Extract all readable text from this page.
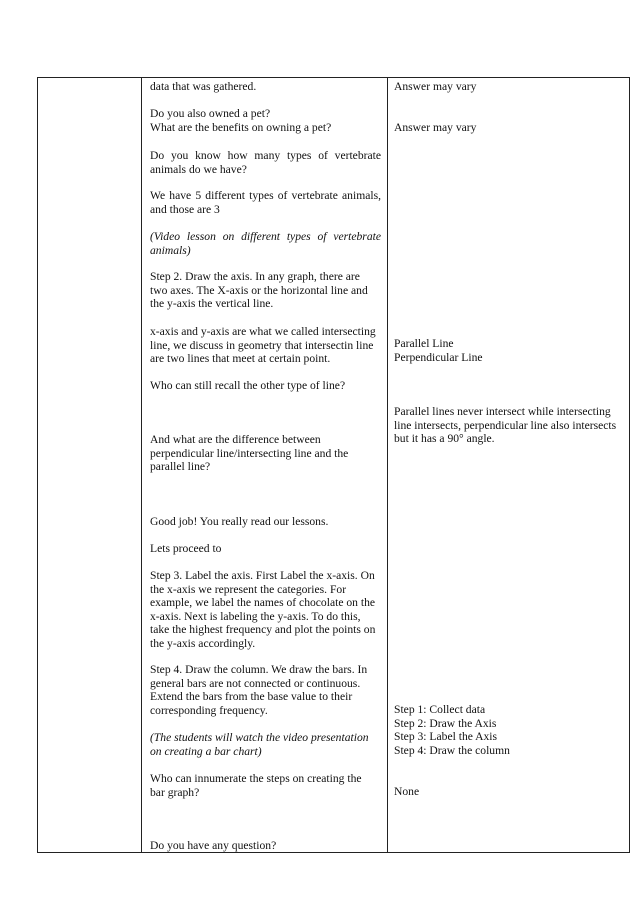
data that was gathered.
Do you also owned a pet?
What are the benefits on owning a pet?
Do you know how many types of vertebrate animals do we have?
We have 5 different types of vertebrate animals, and those are 3
(Video lesson on different types of vertebrate animals)
Step 2. Draw the axis. In any graph, there are
two axes. The X-axis or the horizontal line and
the y-axis the vertical line.
x-axis and y-axis are what we called intersecting
line, we discuss in geometry that intersectin line
are two lines that meet at certain point.
Who can still recall the other type of line?
And what are the difference between
perpendicular line/intersecting line and the
parallel line?
Good job! You really read our lessons.
Lets proceed to
Step 3. Label the axis. First Label the x-axis. On
the x-axis we represent the categories. For
example, we label the names of chocolate on the
x-axis. Next is labeling the y-axis. To do this,
take the highest frequency and plot the points on
the y-axis accordingly.
Step 4. Draw the column. We draw the bars. In
general bars are not connected or continuous.
Extend the bars from the base value to their
corresponding frequency.
(The students will watch the video presentation
on creating a bar chart)
Who can innumerate the steps on creating the
bar graph?
Do you have any question?
Answer may vary
Answer may vary
Parallel Line
Perpendicular Line
Parallel lines never intersect while intersecting
line intersects, perpendicular line also intersects
but it has a 90° angle.
Step 1: Collect data
Step 2: Draw the Axis
Step 3: Label the Axis
Step 4: Draw the column
None
